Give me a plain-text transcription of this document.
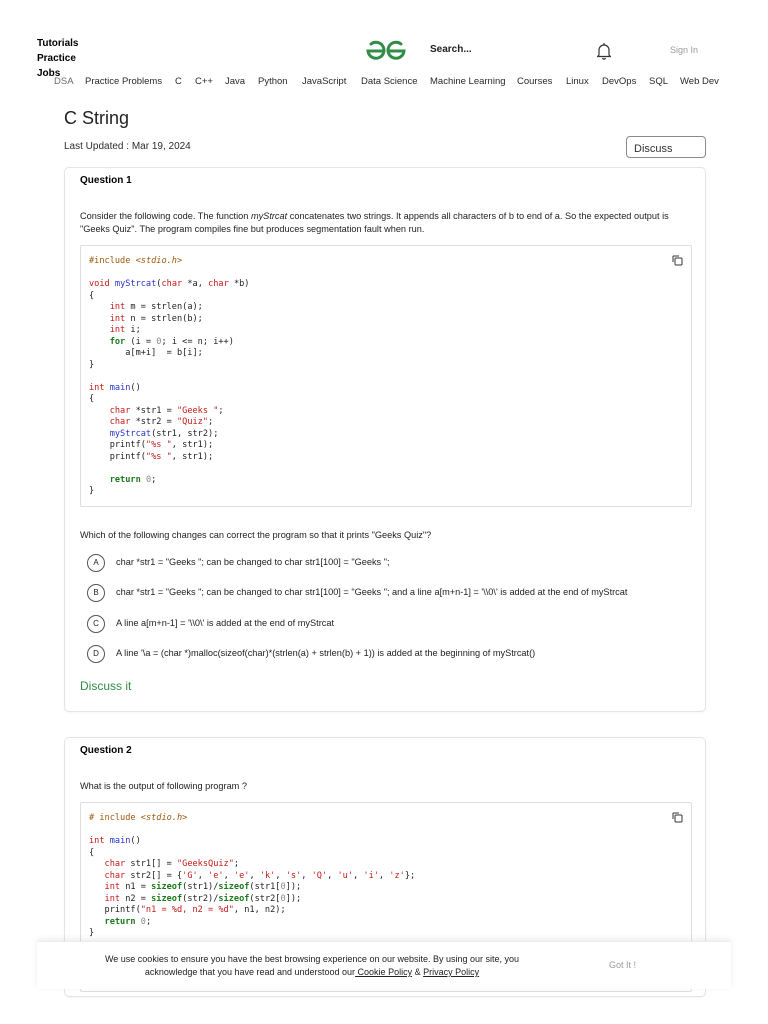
Tutorials
Practice
Jobs
Search...	Sign In
DSA Practice Problems C C++ Java Python JavaScript Data Science Machine Learning Courses Linux DevOps SQL Web Dev
C String
Last Updated : Mar 19, 2024	Discuss
Question 1
Consider the following code. The function myStrcat concatenates two strings. It appends all characters of b to end of a. So the expected output is "Geeks Quiz". The program compiles fine but produces segmentation fault when run.
#include <stdio.h>

void myStrcat(char *a, char *b)
{
int m = strlen(a);
int n = strlen(b);
int i;
for (i = 0; i <= n; i++)
a[m+i]  = b[i];
}

int main()
{
char *str1 = "Geeks ";
char *str2 = "Quiz";
myStrcat(str1, str2);
printf("%s ", str1);
printf("%s ", str1);

return 0;
}
Which of the following changes can correct the program so that it prints "Geeks Quiz"?
A	char *str1 = "Geeks "; can be changed to char str1[100] = "Geeks ";
B	char *str1 = "Geeks "; can be changed to char str1[100] = "Geeks "; and a line a[m+n-1] = '\\0\' is added at the end of myStrcat
C	A line a[m+n-1] = '\\0\' is added at the end of myStrcat
D	A line '\a = (char *)malloc(sizeof(char)*(strlen(a) + strlen(b) + 1)) is added at the beginning of myStrcat()
Discuss it
Question 2
What is the output of following program ?
# include <stdio.h>

int main()
{
char str1[] = "GeeksQuiz";
char str2[] = {'G', 'e', 'e', 'k', 's', 'Q', 'u', 'i', 'z'};
int n1 = sizeof(str1)/sizeof(str1[0]);
int n2 = sizeof(str2)/sizeof(str2[0]);
printf("n1 = %d, n2 = %d", n1, n2);
return 0;
}
We use cookies to ensure you have the best browsing experience on our website. By using our site, you
acknowledge that you have read and understood our Cookie Policy & Privacy Policy
Got It !
